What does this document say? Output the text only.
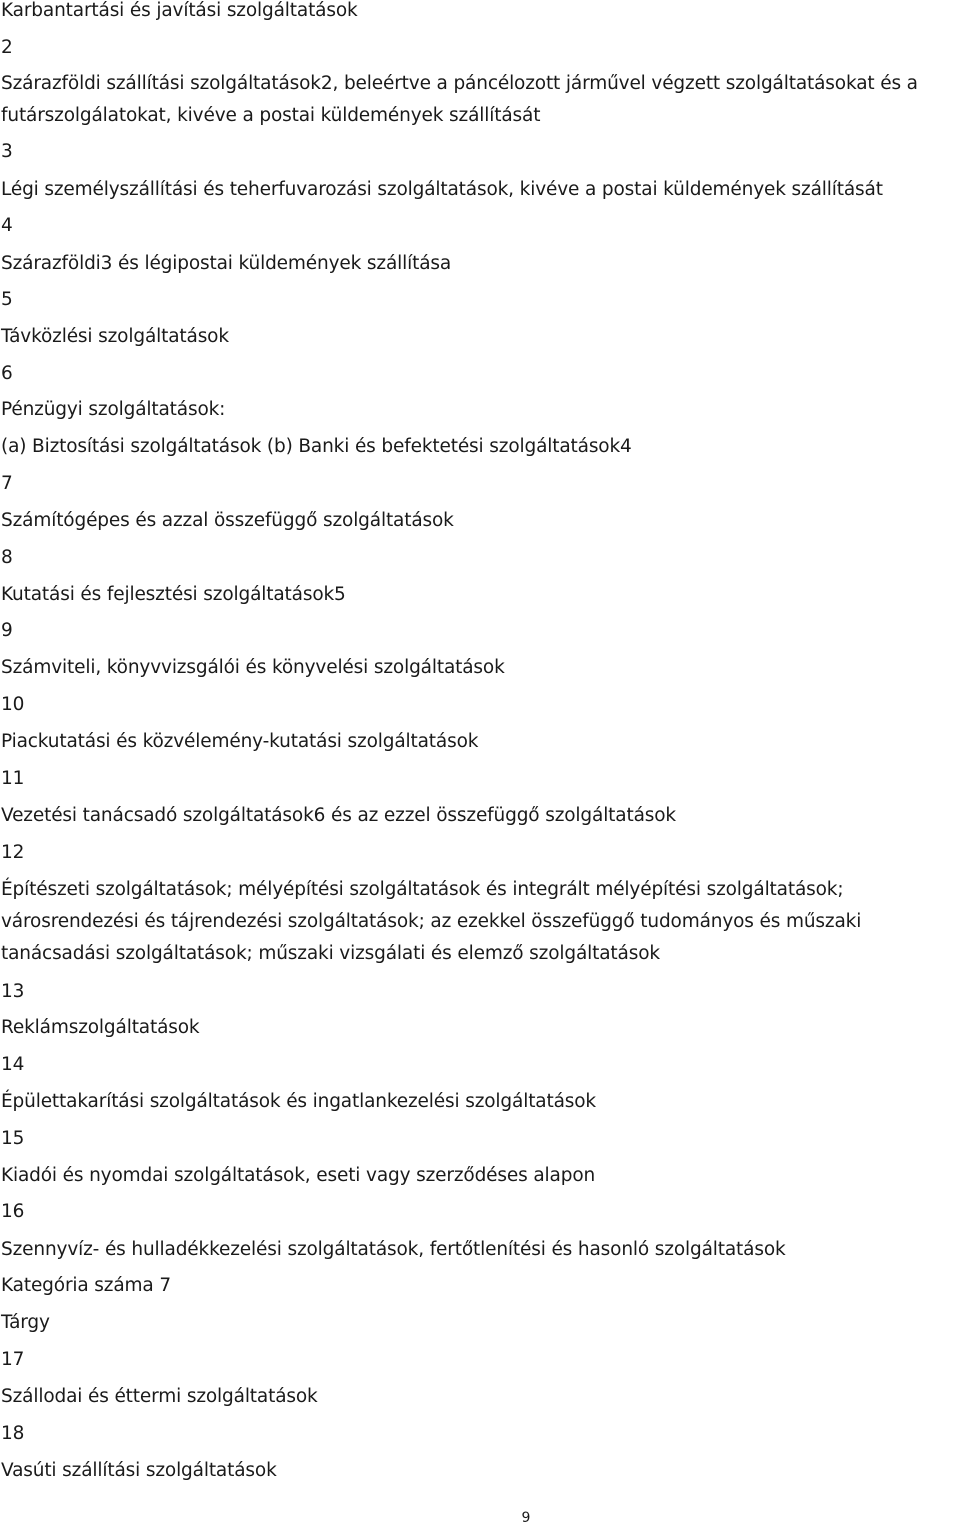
Karbantartási és javítási szolgáltatások
2
Szárazföldi szállítási szolgáltatások2, beleértve a páncélozott járművel végzett szolgáltatásokat és a futárszolgálatokat, kivéve a postai küldemények szállítását
3
Légi személyszállítási és teherfuvarozási szolgáltatások, kivéve a postai küldemények szállítását
4
Szárazföldi3 és légipostai küldemények szállítása
5
Távközlési szolgáltatások
6
Pénzügyi szolgáltatások:
(a) Biztosítási szolgáltatások (b) Banki és befektetési szolgáltatások4
7
Számítógépes és azzal összefüggő szolgáltatások
8
Kutatási és fejlesztési szolgáltatások5
9
Számviteli, könyvvizsgálói és könyvelési szolgáltatások
10
Piackutatási és közvélemény-kutatási szolgáltatások
11
Vezetési tanácsadó szolgáltatások6 és az ezzel összefüggő szolgáltatások
12
Építészeti szolgáltatások; mélyépítési szolgáltatások és integrált mélyépítési szolgáltatások; városrendezési és tájrendezési szolgáltatások; az ezekkel összefüggő tudományos és műszaki tanácsadási szolgáltatások; műszaki vizsgálati és elemző szolgáltatások
13
Reklámszolgáltatások
14
Épülettakarítási szolgáltatások és ingatlankezelési szolgáltatások
15
Kiadói és nyomdai szolgáltatások, eseti vagy szerződéses alapon
16
Szennyvíz- és hulladékkezelési szolgáltatások, fertőtlenítési és hasonló szolgáltatások
Kategória száma 7
Tárgy
17
Szállodai és éttermi szolgáltatások
18
Vasúti szállítási szolgáltatások
9
